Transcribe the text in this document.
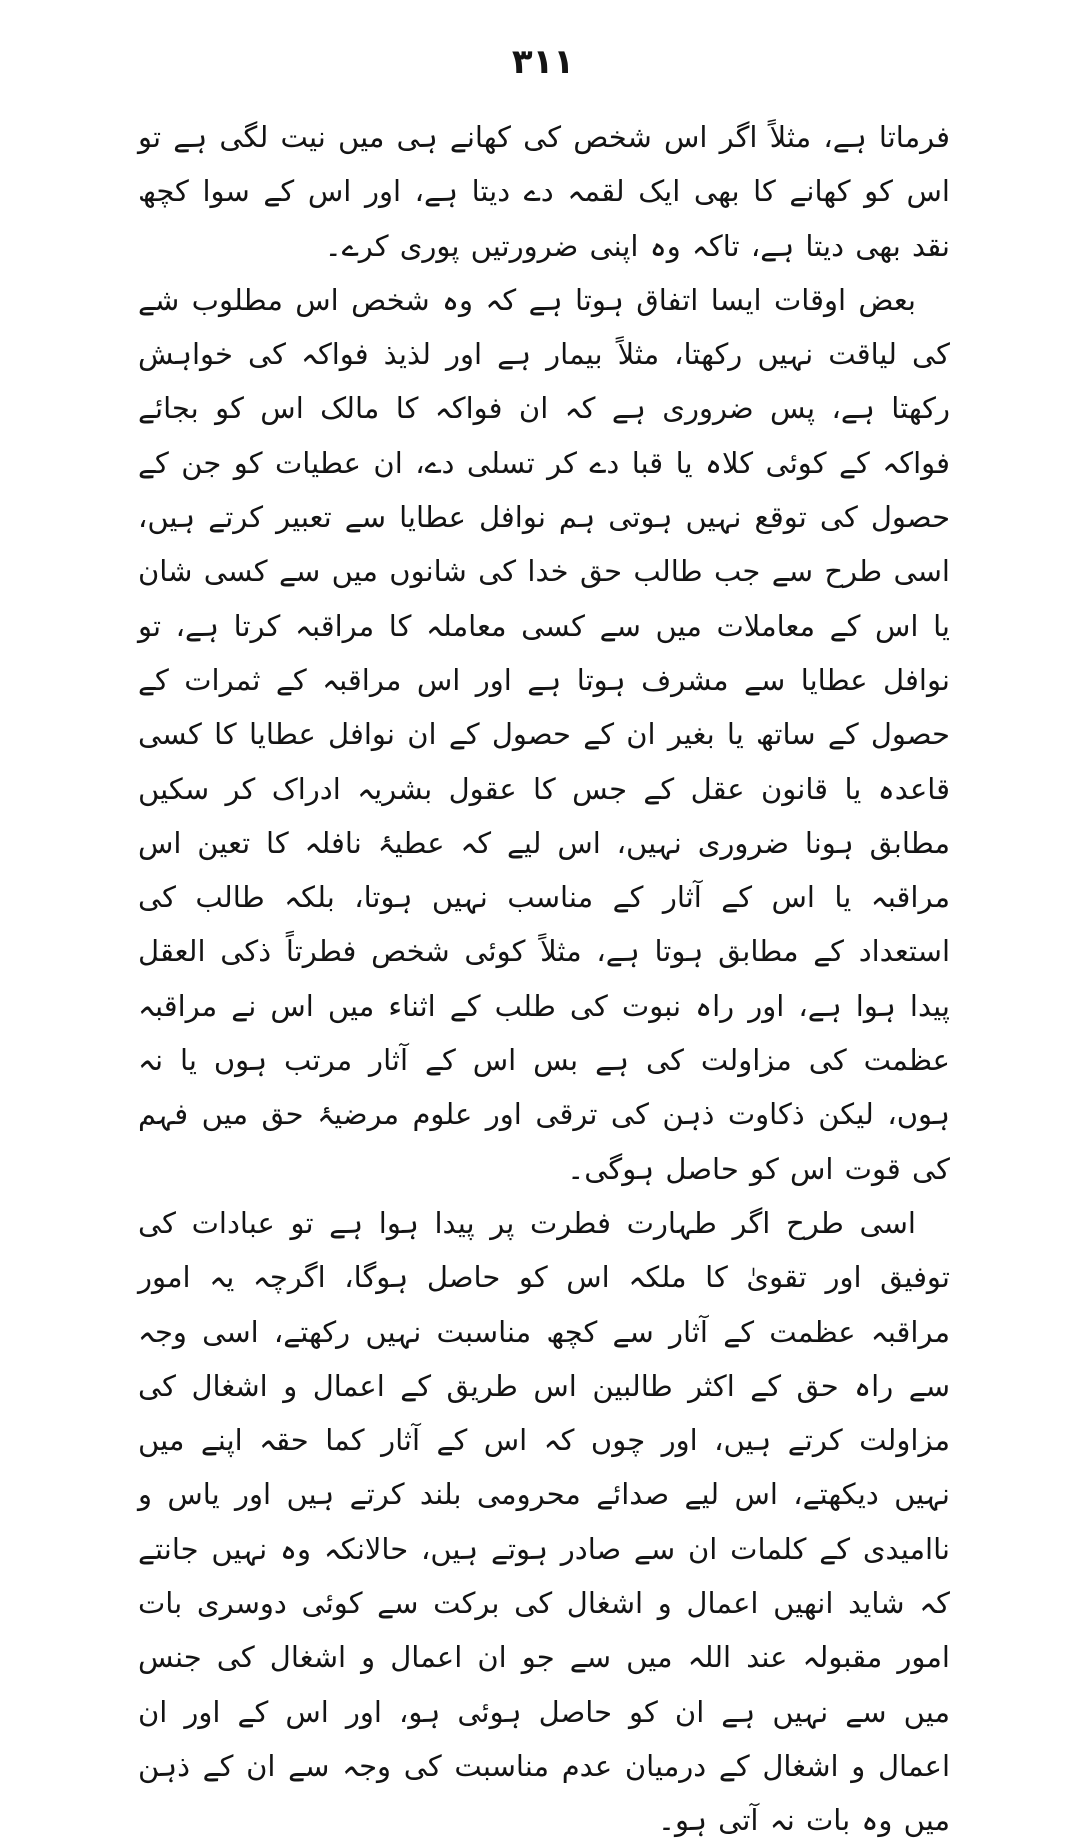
۳۱۱

فرماتا ہے، مثلاً اگر اس شخص کی کھانے ہی میں نیت لگی ہے تو اس کو کھانے کا بھی ایک لقمہ دے دیتا ہے، اور اس کے سوا کچھ نقد بھی دیتا ہے، تاکہ وہ اپنی ضرورتیں پوری کرے۔

بعض اوقات ایسا اتفاق ہوتا ہے کہ وہ شخص اس مطلوب شے کی لیاقت نہیں رکھتا، مثلاً بیمار ہے اور لذیذ فواکہ کی خواہش رکھتا ہے، پس ضروری ہے کہ ان فواکہ کا مالک اس کو بجائے فواکہ کے کوئی کلاہ یا قبا دے کر تسلی دے، ان عطیات کو جن کے حصول کی توقع نہیں ہوتی ہم نوافل عطایا سے تعبیر کرتے ہیں، اسی طرح سے جب طالب حق خدا کی شانوں میں سے کسی شان یا اس کے معاملات میں سے کسی معاملہ کا مراقبہ کرتا ہے، تو نوافل عطایا سے مشرف ہوتا ہے اور اس مراقبہ کے ثمرات کے حصول کے ساتھ یا بغیر ان کے حصول کے ان نوافل عطایا کا کسی قاعدہ یا قانون عقل کے جس کا عقول بشریہ ادراک کر سکیں مطابق ہونا ضروری نہیں، اس لیے کہ عطیۂ نافلہ کا تعین اس مراقبہ یا اس کے آثار کے مناسب نہیں ہوتا، بلکہ طالب کی استعداد کے مطابق ہوتا ہے، مثلاً کوئی شخص فطرتاً ذکی العقل پیدا ہوا ہے، اور راہ نبوت کی طلب کے اثناء میں اس نے مراقبہ عظمت کی مزاولت کی ہے بس اس کے آثار مرتب ہوں یا نہ ہوں، لیکن ذکاوت ذہن کی ترقی اور علوم مرضیۂ حق میں فہم کی قوت اس کو حاصل ہوگی۔

اسی طرح اگر طہارت فطرت پر پیدا ہوا ہے تو عبادات کی توفیق اور تقویٰ کا ملکہ اس کو حاصل ہوگا، اگرچہ یہ امور مراقبہ عظمت کے آثار سے کچھ مناسبت نہیں رکھتے، اسی وجہ سے راہ حق کے اکثر طالبین اس طریق کے اعمال و اشغال کی مزاولت کرتے ہیں، اور چوں کہ اس کے آثار کما حقہ اپنے میں نہیں دیکھتے، اس لیے صدائے محرومی بلند کرتے ہیں اور یاس و ناامیدی کے کلمات ان سے صادر ہوتے ہیں، حالانکہ وہ نہیں جانتے کہ شاید انھیں اعمال و اشغال کی برکت سے کوئی دوسری بات امور مقبولہ عند اللہ میں سے جو ان اعمال و اشغال کی جنس میں سے نہیں ہے ان کو حاصل ہوئی ہو، اور اس کے اور ان اعمال و اشغال کے درمیان عدم مناسبت کی وجہ سے ان کے ذہن میں وہ بات نہ آتی ہو۔
